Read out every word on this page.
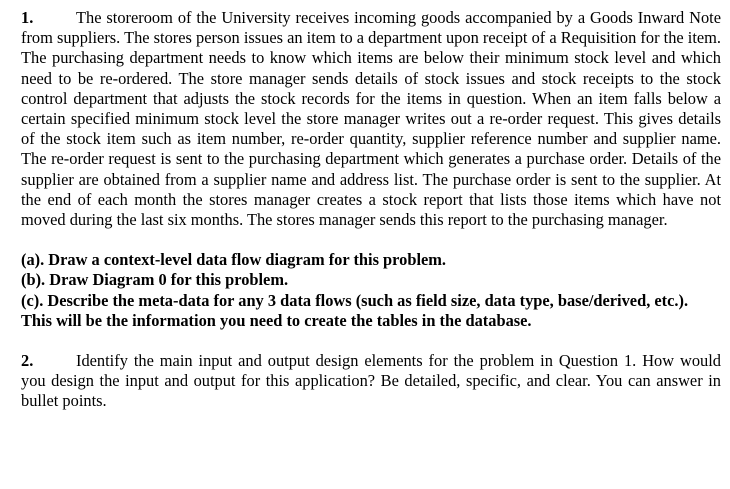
1.	The storeroom of the University receives incoming goods accompanied by a Goods Inward Note from suppliers. The stores person issues an item to a department upon receipt of a Requisition for the item. The purchasing department needs to know which items are below their minimum stock level and which need to be re-ordered. The store manager sends details of stock issues and stock receipts to the stock control department that adjusts the stock records for the items in question. When an item falls below a certain specified minimum stock level the store manager writes out a re-order request. This gives details of the stock item such as item number, re-order quantity, supplier reference number and supplier name. The re-order request is sent to the purchasing department which generates a purchase order. Details of the supplier are obtained from a supplier name and address list. The purchase order is sent to the supplier. At the end of each month the stores manager creates a stock report that lists those items which have not moved during the last six months. The stores manager sends this report to the purchasing manager.

(a). Draw a context-level data flow diagram for this problem.
(b). Draw Diagram 0 for this problem.
(c). Describe the meta-data for any 3 data flows (such as field size, data type, base/derived, etc.). This will be the information you need to create the tables in the database.

2.	Identify the main input and output design elements for the problem in Question 1. How would you design the input and output for this application? Be detailed, specific, and clear. You can answer in bullet points.
